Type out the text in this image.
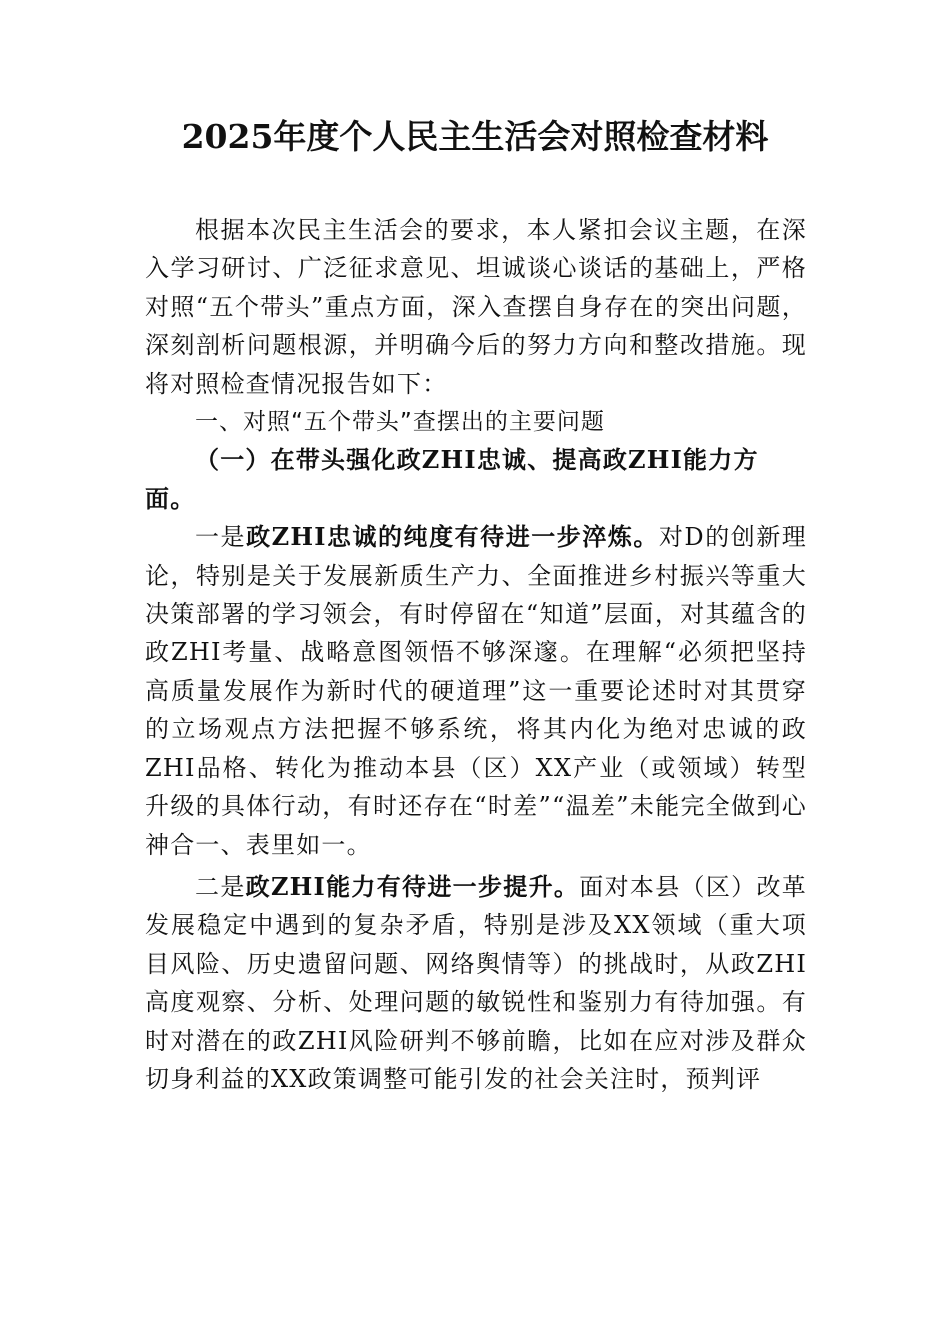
2025年度个人民主生活会对照检查材料

根据本次民主生活会的要求，本人紧扣会议主题，在深入学习研讨、广泛征求意见、坦诚谈心谈话的基础上，严格对照“五个带头”重点方面，深入查摆自身存在的突出问题，深刻剖析问题根源，并明确今后的努力方向和整改措施。现将对照检查情况报告如下：

一、对照“五个带头”查摆出的主要问题

（一）在带头强化政ZHI忠诚、提高政ZHI能力方面。

一是政ZHI忠诚的纯度有待进一步淬炼。对D的创新理论，特别是关于发展新质生产力、全面推进乡村振兴等重大决策部署的学习领会，有时停留在“知道”层面，对其蕴含的政ZHI考量、战略意图领悟不够深邃。在理解“必须把坚持高质量发展作为新时代的硬道理”这一重要论述时对其贯穿的立场观点方法把握不够系统，将其内化为绝对忠诚的政ZHI品格、转化为推动本县（区）XX产业（或领域）转型升级的具体行动，有时还存在“时差”“温差”未能完全做到心神合一、表里如一。

二是政ZHI能力有待进一步提升。面对本县（区）改革发展稳定中遇到的复杂矛盾，特别是涉及XX领域（重大项目风险、历史遗留问题、网络舆情等）的挑战时，从政ZHI高度观察、分析、处理问题的敏锐性和鉴别力有待加强。有时对潜在的政ZHI风险研判不够前瞻，比如在应对涉及群众切身利益的XX政策调整可能引发的社会关注时，预判评
